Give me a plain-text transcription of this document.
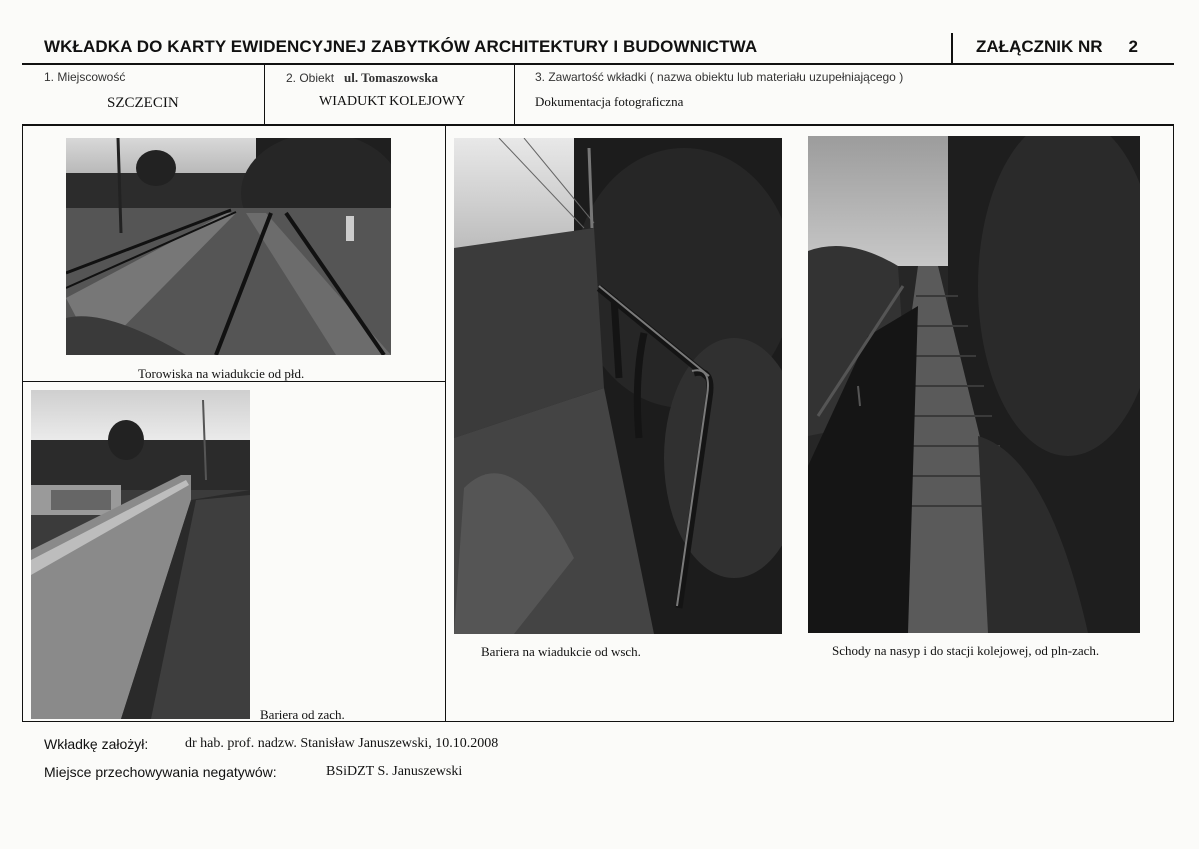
WKŁADKA DO KARTY EWIDENCYJNEJ ZABYTKÓW ARCHITEKTURY I BUDOWNICTWA	ZAŁĄCZNIK NR 2
1. Miejscowość
SZCZECIN
2. Obiekt ul. Tomaszowska
WIADUKT KOLEJOWY
3. Zawartość wkładki ( nazwa obiektu lub materiału uzupełniającego )
Dokumentacja fotograficzna
Torowiska na wiadukcie od płd.
Bariera od zach.
Bariera na wiadukcie od wsch.	Schody na nasyp i do stacji kolejowej, od pln-zach.
Wkładkę założył:	dr hab. prof. nadzw. Stanisław Januszewski, 10.10.2008
Miejsce przechowywania negatywów:	BSiDZT S. Januszewski
